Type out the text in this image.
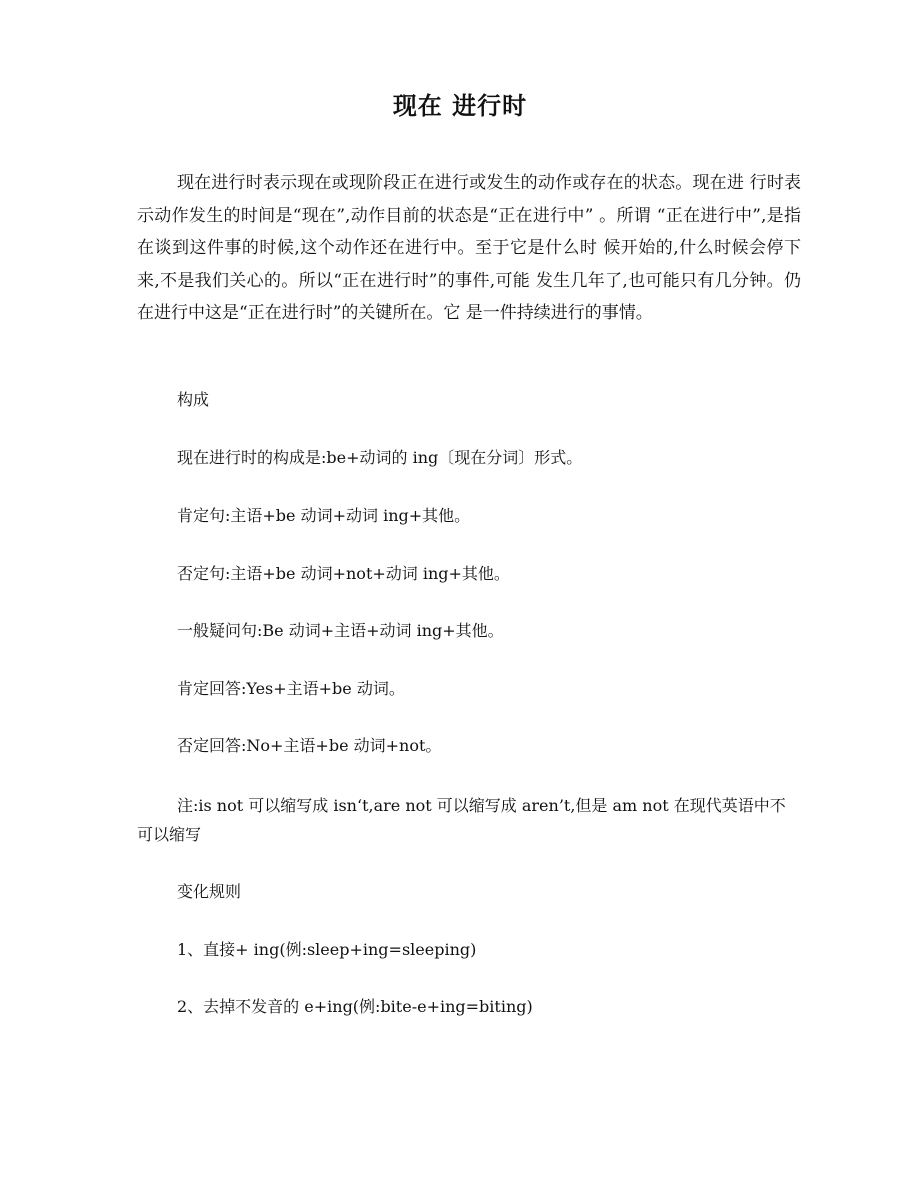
现在 进行时
现在进行时表示现在或现阶段正在进行或发生的动作或存在的状态。现在进 行时表示动作发生的时间是“现在”,动作目前的状态是“正在进行中” 。所谓 “正在进行中”,是指在谈到这件事的时候,这个动作还在进行中。至于它是什么时 候开始的,什么时候会停下来,不是我们关心的。所以“正在进行时”的事件,可能 发生几年了,也可能只有几分钟。仍在进行中这是“正在进行时”的关键所在。它 是一件持续进行的事情。
构成
现在进行时的构成是:be+动词的 ing〔现在分词〕形式。
肯定句:主语+be 动词+动词 ing+其他。
否定句:主语+be 动词+not+动词 ing+其他。
一般疑问句:Be 动词+主语+动词 ing+其他。
肯定回答:Yes+主语+be 动词。
否定回答:No+主语+be 动词+not。
注:is not 可以缩写成 isn‘t,are not 可以缩写成 aren’t,但是 am not 在现代英语中不可以缩写
变化规则
1、直接+ ing(例:sleep+ing=sleeping)
2、去掉不发音的 e+ing(例:bite-e+ing=biting)
